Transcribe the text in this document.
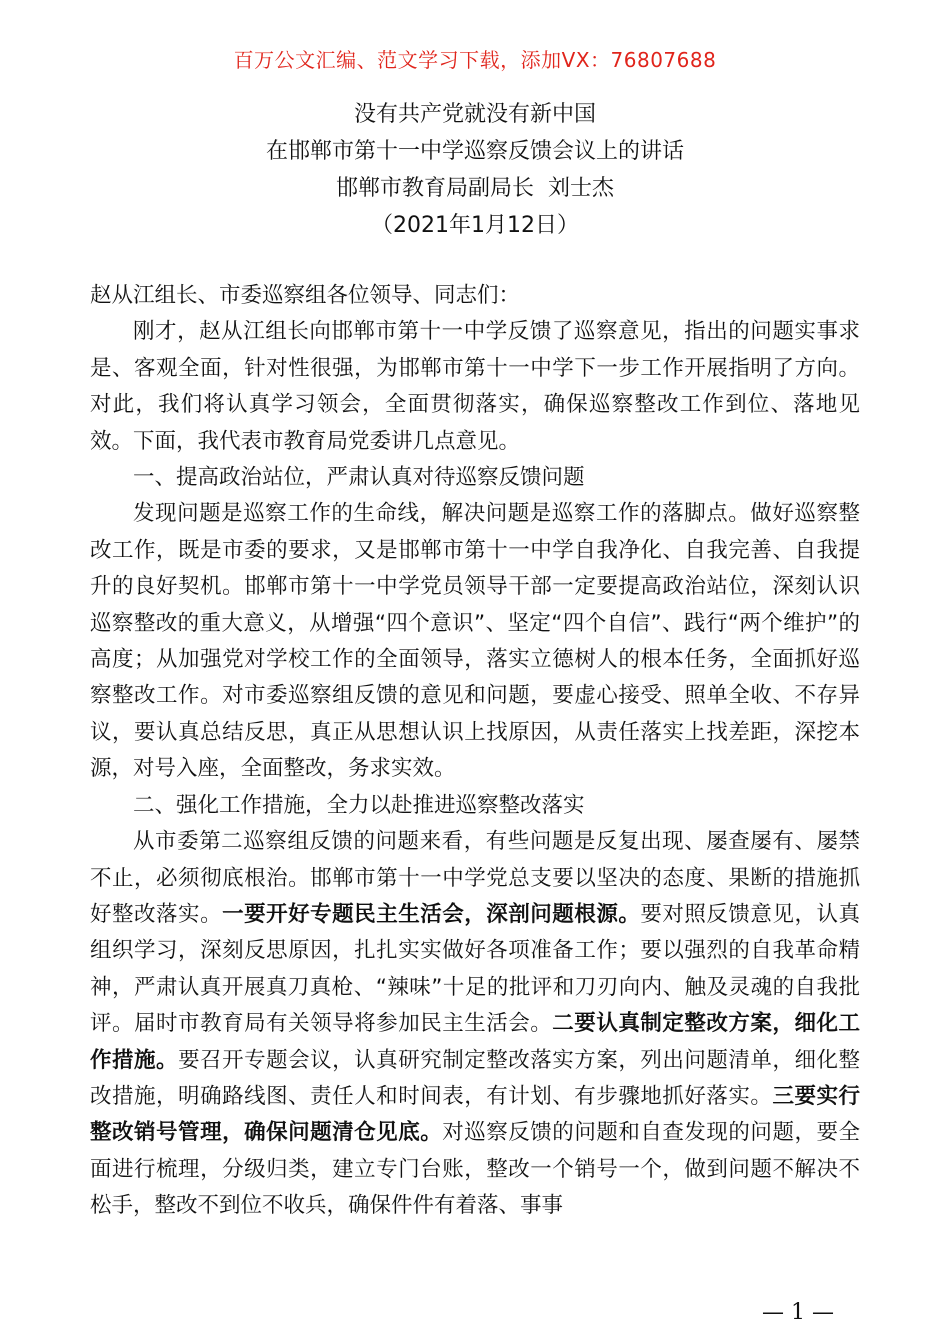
百万公文汇编、范文学习下载，添加VX：76807688
没有共产党就没有新中国
在邯郸市第十一中学巡察反馈会议上的讲话
邯郸市教育局副局长  刘士杰
（2021年1月12日）

赵从江组长、市委巡察组各位领导、同志们：

刚才，赵从江组长向邯郸市第十一中学反馈了巡察意见，指出的问题实事求是、客观全面，针对性很强，为邯郸市第十一中学下一步工作开展指明了方向。对此，我们将认真学习领会，全面贯彻落实，确保巡察整改工作到位、落地见效。下面，我代表市教育局党委讲几点意见。

一、提高政治站位，严肃认真对待巡察反馈问题

发现问题是巡察工作的生命线，解决问题是巡察工作的落脚点。做好巡察整改工作，既是市委的要求，又是邯郸市第十一中学自我净化、自我完善、自我提升的良好契机。邯郸市第十一中学党员领导干部一定要提高政治站位，深刻认识巡察整改的重大意义，从增强“四个意识”、坚定“四个自信”、践行“两个维护”的高度；从加强党对学校工作的全面领导，落实立德树人的根本任务，全面抓好巡察整改工作。对市委巡察组反馈的意见和问题，要虚心接受、照单全收、不存异议，要认真总结反思，真正从思想认识上找原因，从责任落实上找差距，深挖本源，对号入座，全面整改，务求实效。

二、强化工作措施，全力以赴推进巡察整改落实

从市委第二巡察组反馈的问题来看，有些问题是反复出现、屡查屡有、屡禁不止，必须彻底根治。邯郸市第十一中学党总支要以坚决的态度、果断的措施抓好整改落实。一要开好专题民主生活会，深剖问题根源。要对照反馈意见，认真组织学习，深刻反思原因，扎扎实实做好各项准备工作；要以强烈的自我革命精神，严肃认真开展真刀真枪、“辣味”十足的批评和刀刃向内、触及灵魂的自我批评。届时市教育局有关领导将参加民主生活会。二要认真制定整改方案，细化工作措施。要召开专题会议，认真研究制定整改落实方案，列出问题清单，细化整改措施，明确路线图、责任人和时间表，有计划、有步骤地抓好落实。三要实行整改销号管理，确保问题清仓见底。对巡察反馈的问题和自查发现的问题，要全面进行梳理，分级归类，建立专门台账，整改一个销号一个，做到问题不解决不松手，整改不到位不收兵，确保件件有着落、事事

— 1 —
